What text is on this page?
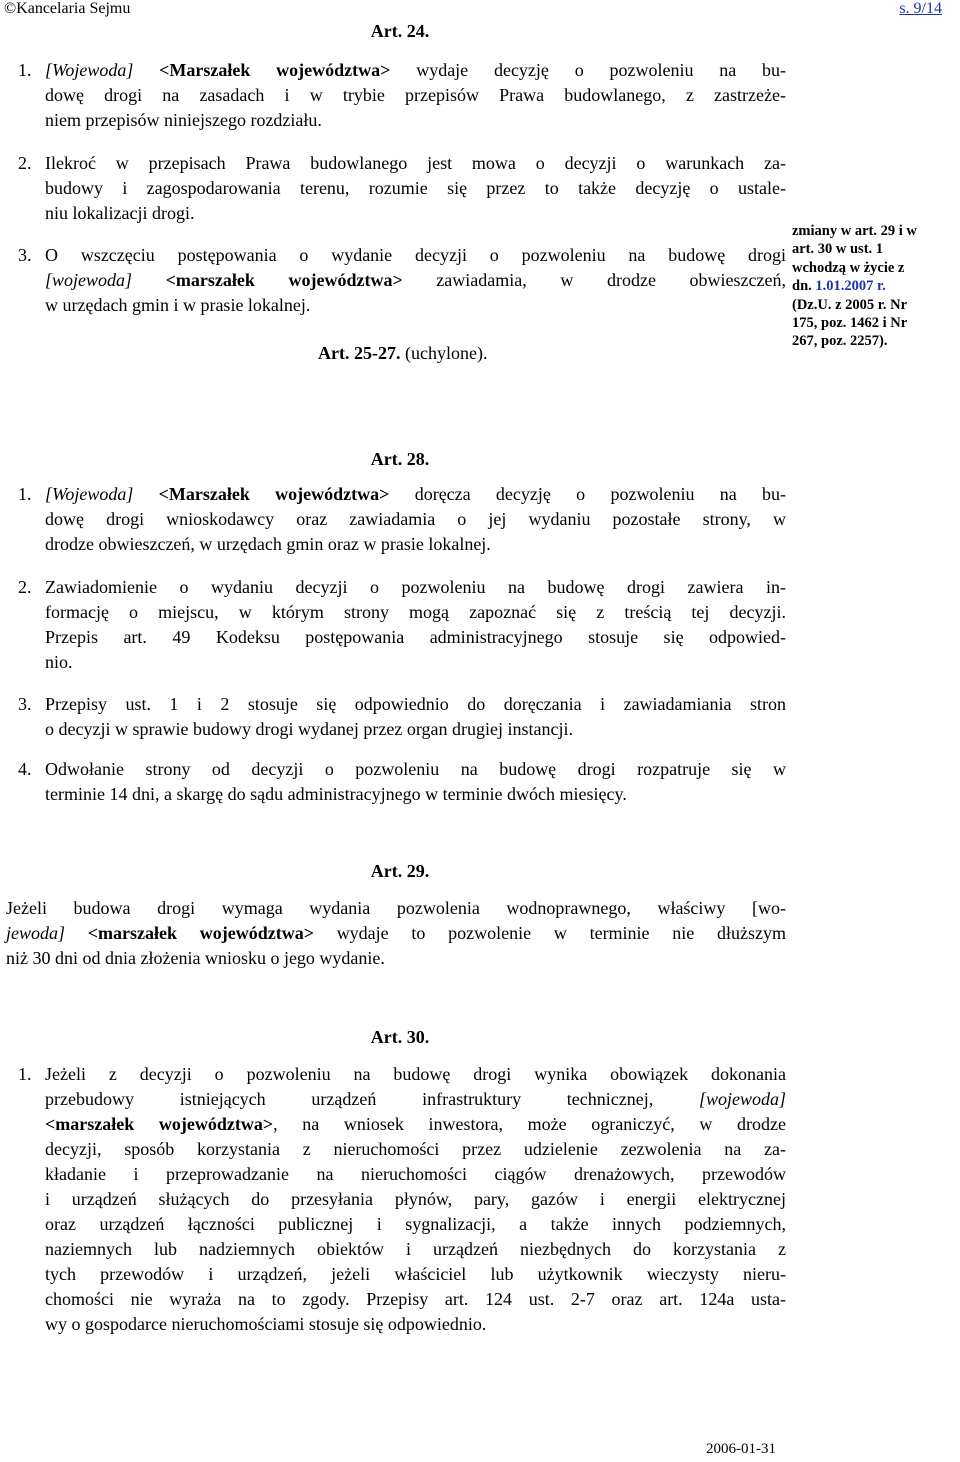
©Kancelaria Sejmu	s. 9/14
Art. 24.
1. [Wojewoda] <Marszałek województwa> wydaje decyzję o pozwoleniu na bu-
dowę drogi na zasadach i w trybie przepisów Prawa budowlanego, z zastrzeże-
niem przepisów niniejszego rozdziału.
2. Ilekroć w przepisach Prawa budowlanego jest mowa o decyzji o warunkach za-
budowy i zagospodarowania terenu, rozumie się przez to także decyzję o ustale-
niu lokalizacji drogi.
3. O wszczęciu postępowania o wydanie decyzji o pozwoleniu na budowę drogi
[wojewoda] <marszałek województwa> zawiadamia, w drodze obwieszczeń,
w urzędach gmin i w prasie lokalnej.
Art. 25-27. (uchylone).
zmiany w art. 29 i w
art. 30 w ust. 1
wchodzą w życie z
dn. 1.01.2007 r.
(Dz.U. z 2005 r. Nr
175, poz. 1462 i Nr
267, poz. 2257).
Art. 28.
1. [Wojewoda] <Marszałek województwa> doręcza decyzję o pozwoleniu na bu-
dowę drogi wnioskodawcy oraz zawiadamia o jej wydaniu pozostałe strony, w
drodze obwieszczeń, w urzędach gmin oraz w prasie lokalnej.
2. Zawiadomienie o wydaniu decyzji o pozwoleniu na budowę drogi zawiera in-
formację o miejscu, w którym strony mogą zapoznać się z treścią tej decyzji.
Przepis art. 49 Kodeksu postępowania administracyjnego stosuje się odpowied-
nio.
3. Przepisy ust. 1 i 2 stosuje się odpowiednio do doręczania i zawiadamiania stron
o decyzji w sprawie budowy drogi wydanej przez organ drugiej instancji.
4. Odwołanie strony od decyzji o pozwoleniu na budowę drogi rozpatruje się w
terminie 14 dni, a skargę do sądu administracyjnego w terminie dwóch miesięcy.
Art. 29.
Jeżeli budowa drogi wymaga wydania pozwolenia wodnoprawnego, właściwy [wo-
jewoda] <marszałek województwa> wydaje to pozwolenie w terminie nie dłuższym
niż 30 dni od dnia złożenia wniosku o jego wydanie.
Art. 30.
1. Jeżeli z decyzji o pozwoleniu na budowę drogi wynika obowiązek dokonania
przebudowy istniejących urządzeń infrastruktury technicznej,	[wojewoda]
<marszałek województwa>, na wniosek inwestora, może ograniczyć, w drodze
decyzji, sposób korzystania z nieruchomości przez udzielenie zezwolenia na za-
kładanie i przeprowadzanie na nieruchomości ciągów drenażowych, przewodów
i urządzeń służących do przesyłania płynów, pary, gazów i energii elektrycznej
oraz urządzeń łączności publicznej i sygnalizacji, a także innych podziemnych,
naziemnych lub nadziemnych obiektów i urządzeń niezbędnych do korzystania z
tych przewodów i urządzeń, jeżeli właściciel lub użytkownik wieczysty nieru-
chomości nie wyraża na to zgody. Przepisy art. 124 ust. 2-7 oraz art. 124a usta-
wy o gospodarce nieruchomościami stosuje się odpowiednio.
2006-01-31
